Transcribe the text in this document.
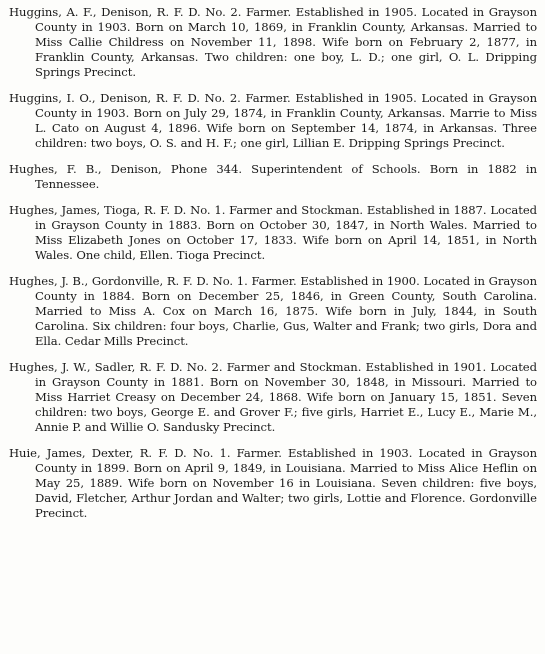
Huggins, A. F., Denison, R. F. D. No. 2. Farmer. Established in 1905. Located in Grayson County in 1903. Born on March 10, 1869, in Franklin County, Arkansas. Married to Miss Callie Childress on November 11, 1898. Wife born on February 2, 1877, in Franklin County, Arkansas. Two children: one boy, L. D.; one girl, O. L. Dripping Springs Precinct.

Huggins, I. O., Denison, R. F. D. No. 2. Farmer. Established in 1905. Located in Grayson County in 1903. Born on July 29, 1874, in Franklin County, Arkansas. Marrie to Miss L. Cato on August 4, 1896. Wife born on September 14, 1874, in Arkansas. Three children: two boys, O. S. and H. F.; one girl, Lillian E. Dripping Springs Precinct.

Hughes, F. B., Denison, Phone 344. Superintendent of Schools. Born in 1882 in Tennessee.

Hughes, James, Tioga, R. F. D. No. 1. Farmer and Stockman. Established in 1887. Located in Grayson County in 1883. Born on October 30, 1847, in North Wales. Married to Miss Elizabeth Jones on October 17, 1833. Wife born on April 14, 1851, in North Wales. One child, Ellen. Tioga Precinct.

Hughes, J. B., Gordonville, R. F. D. No. 1. Farmer. Established in 1900. Located in Grayson County in 1884. Born on December 25, 1846, in Green County, South Carolina. Married to Miss A. Cox on March 16, 1875. Wife born in July, 1844, in South Carolina. Six children: four boys, Charlie, Gus, Walter and Frank; two girls, Dora and Ella. Cedar Mills Precinct.

Hughes, J. W., Sadler, R. F. D. No. 2. Farmer and Stockman. Established in 1901. Located in Grayson County in 1881. Born on November 30, 1848, in Missouri. Married to Miss Harriet Creasy on December 24, 1868. Wife born on January 15, 1851. Seven children: two boys, George E. and Grover F.; five girls, Harriet E., Lucy E., Marie M., Annie P. and Willie O. Sandusky Precinct.

Huie, James, Dexter, R. F. D. No. 1. Farmer. Established in 1903. Located in Grayson County in 1899. Born on April 9, 1849, in Louisiana. Married to Miss Alice Heflin on May 25, 1889. Wife born on November 16 in Louisiana. Seven children: five boys, David, Fletcher, Arthur Jordan and Walter; two girls, Lottie and Florence. Gordonville Precinct.
